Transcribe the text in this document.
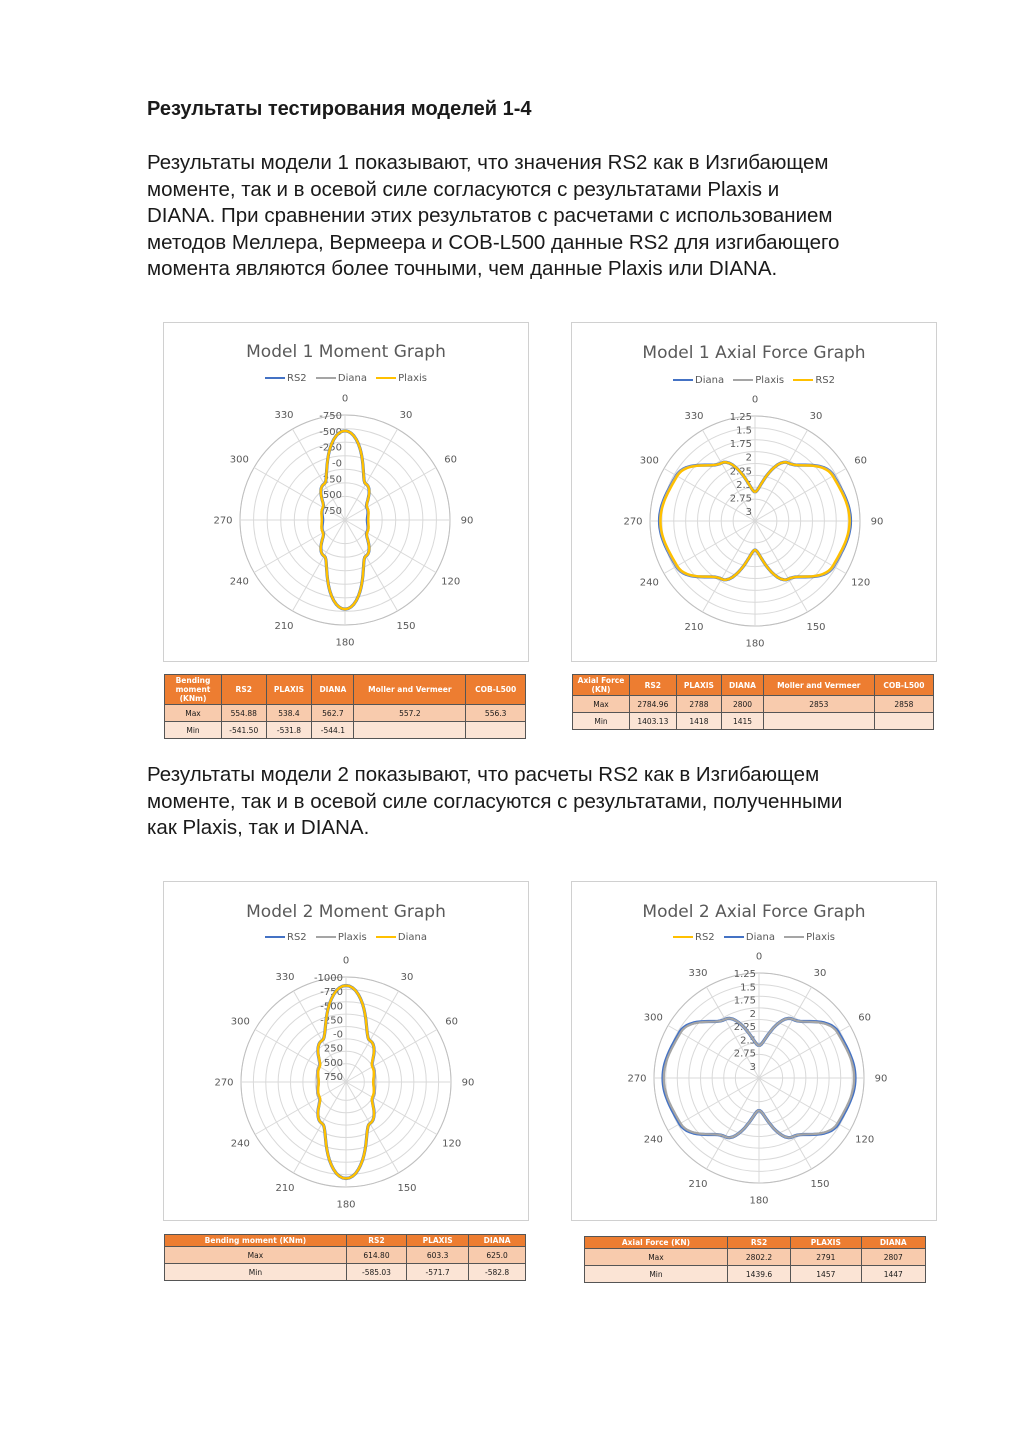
Результаты тестирования моделей 1-4
Результаты модели 1 показывают, что значения RS2 как в Изгибающем
моменте, так и в осевой силе согласуются с результатами Plaxis и
DIANA. При сравнении этих результатов с расчетами с использованием
методов Меллера, Вермеера и COB-L500 данные RS2 для изгибающего
момента являются более точными, чем данные Plaxis или DIANA.
Model 1 Moment Graph
RS2	Diana	Plaxis
0
30
60
90
120
150
180
210
240
270
300
330	-750
-500
-250
-0
250
500
750
Model 1 Axial Force Graph
Diana	Plaxis	RS2
0
30
60
90
120
150
180
210
240
270
300
330	1.25
1.5
1.75
2
2.25
2.5
2.75
3
Bending moment (KNm)	RS2	PLAXIS	DIANA	Moller and Vermeer	COB-L500
Max	554.88	538.4	562.7	557.2	556.3
Min	-541.50	-531.8	-544.1		
Axial Force (KN)	RS2	PLAXIS	DIANA	Moller and Vermeer	COB-L500
Max	2784.96	2788	2800	2853	2858
Min	1403.13	1418	1415		
Результаты модели 2 показывают, что расчеты RS2 как в Изгибающем
моменте, так и в осевой силе согласуются с результатами, полученными
как Plaxis, так и DIANA.
Model 2 Moment Graph
RS2	Plaxis	Diana
0
30
60
90
120
150
180
210
240
270
300
330 -1000
-750
-500
-250
-0
250
500
750
Model 2 Axial Force Graph
RS2	Diana	Plaxis
0
30
60
90
120
150
180
210
240
270
300
330	1.25
1.5
1.75
2
2.25
2.5
2.75
3
Bending moment (KNm)	RS2	PLAXIS	DIANA
Max	614.80	603.3	625.0
Min	-585.03	-571.7	-582.8
Axial Force (KN)	RS2	PLAXIS	DIANA
Max	2802.2	2791	2807
Min	1439.6	1457	1447
